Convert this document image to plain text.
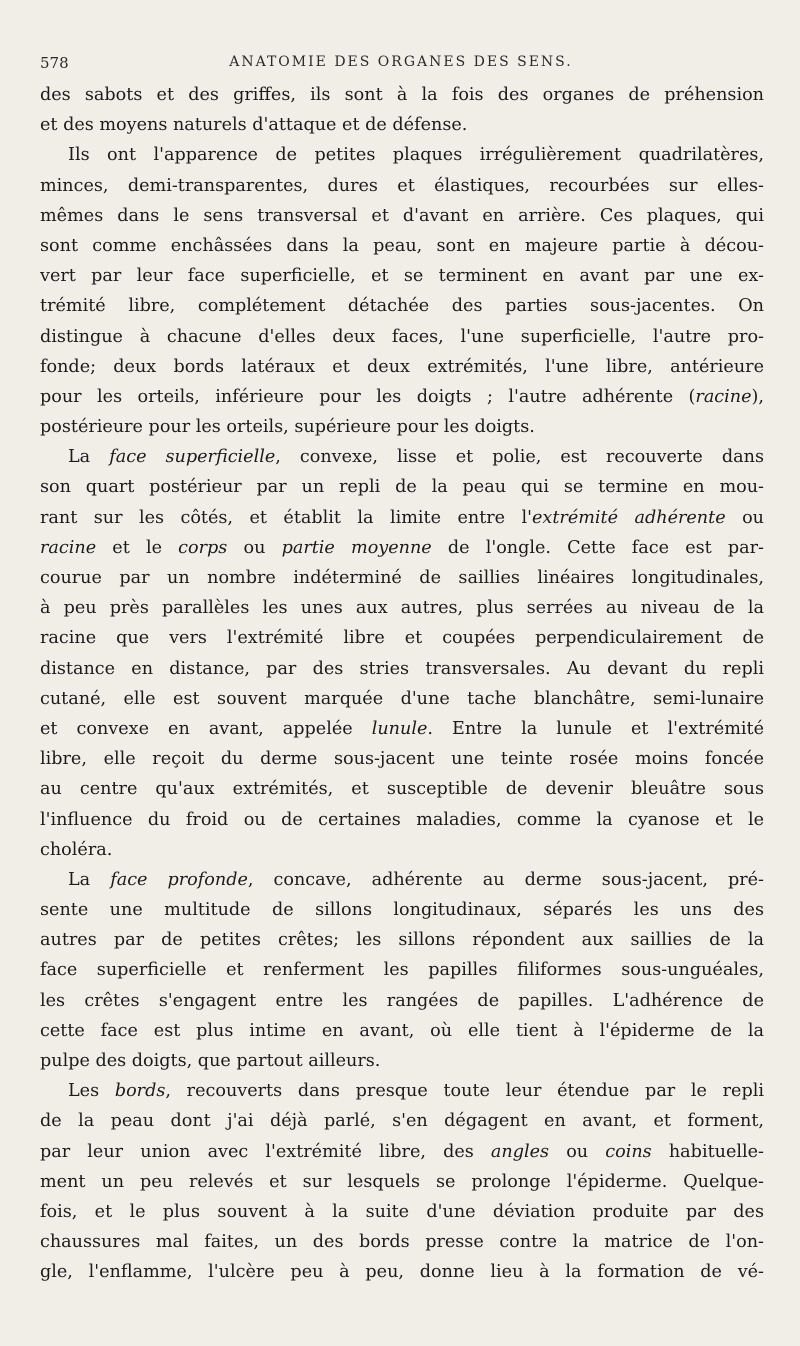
578	ANATOMIE DES ORGANES DES SENS.
des sabots et des griffes, ils sont à la fois des organes de préhension
et des moyens naturels d'attaque et de défense.
Ils ont l'apparence de petites plaques irrégulièrement quadrilatères,
minces, demi-transparentes, dures et élastiques, recourbées sur elles-
mêmes dans le sens transversal et d'avant en arrière. Ces plaques, qui
sont comme enchâssées dans la peau, sont en majeure partie à décou-
vert par leur face superficielle, et se terminent en avant par une ex-
trémité libre, complétement détachée des parties sous-jacentes. On
distingue à chacune d'elles deux faces, l'une superficielle, l'autre pro-
fonde; deux bords latéraux et deux extrémités, l'une libre, antérieure
pour les orteils, inférieure pour les doigts ; l'autre adhérente (racine),
postérieure pour les orteils, supérieure pour les doigts.
La face superficielle, convexe, lisse et polie, est recouverte dans
son quart postérieur par un repli de la peau qui se termine en mou-
rant sur les côtés, et établit la limite entre l'extrémité adhérente ou
racine et le corps ou partie moyenne de l'ongle. Cette face est par-
courue par un nombre indéterminé de saillies linéaires longitudinales,
à peu près parallèles les unes aux autres, plus serrées au niveau de la
racine que vers l'extrémité libre et coupées perpendiculairement de
distance en distance, par des stries transversales. Au devant du repli
cutané, elle est souvent marquée d'une tache blanchâtre, semi-lunaire
et convexe en avant, appelée lunule. Entre la lunule et l'extrémité
libre, elle reçoit du derme sous-jacent une teinte rosée moins foncée
au centre qu'aux extrémités, et susceptible de devenir bleuâtre sous
l'influence du froid ou de certaines maladies, comme la cyanose et le
choléra.
La face profonde, concave, adhérente au derme sous-jacent, pré-
sente une multitude de sillons longitudinaux, séparés les uns des
autres par de petites crêtes; les sillons répondent aux saillies de la
face superficielle et renferment les papilles filiformes sous-unguéales,
les crêtes s'engagent entre les rangées de papilles. L'adhérence de
cette face est plus intime en avant, où elle tient à l'épiderme de la
pulpe des doigts, que partout ailleurs.
Les bords, recouverts dans presque toute leur étendue par le repli
de la peau dont j'ai déjà parlé, s'en dégagent en avant, et forment,
par leur union avec l'extrémité libre, des angles ou coins habituelle-
ment un peu relevés et sur lesquels se prolonge l'épiderme. Quelque-
fois, et le plus souvent à la suite d'une déviation produite par des
chaussures mal faites, un des bords presse contre la matrice de l'on-
gle, l'enflamme, l'ulcère peu à peu, donne lieu à la formation de vé-
